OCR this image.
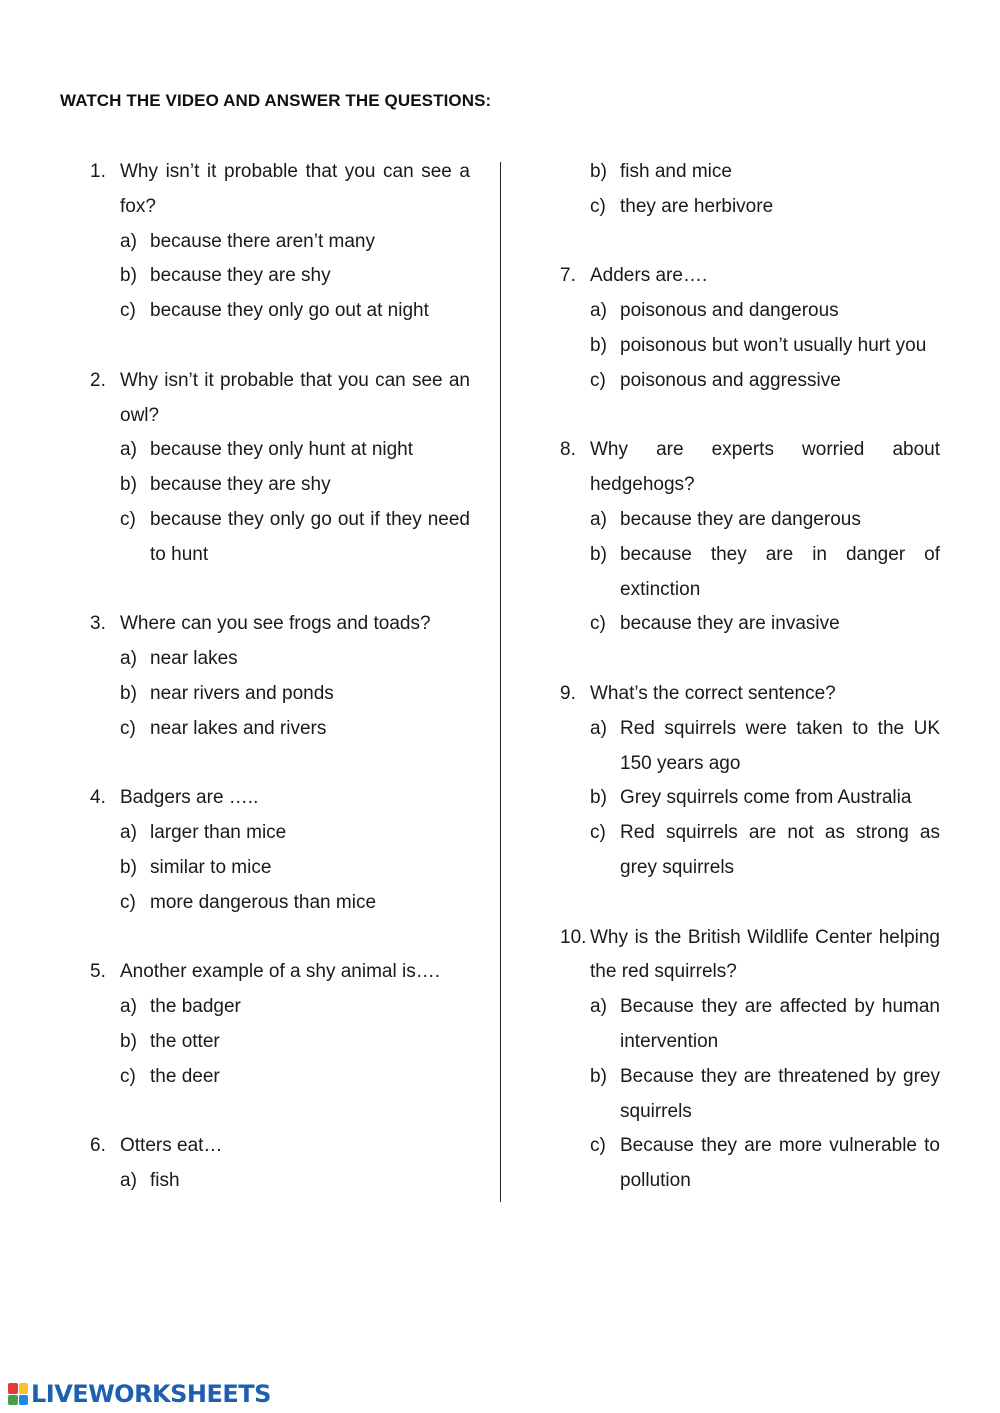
WATCH THE VIDEO AND ANSWER THE QUESTIONS:
1. Why isn’t it probable that you can see a fox?
a) because there aren’t many
b) because they are shy
c) because they only go out at night
2. Why isn’t it probable that you can see an owl?
a) because they only hunt at night
b) because they are shy
c) because they only go out if they need to hunt
3. Where can you see frogs and toads?
a) near lakes
b) near rivers and ponds
c) near lakes and rivers
4. Badgers are …..
a) larger than mice
b) similar to mice
c) more dangerous than mice
5. Another example of a shy animal is….
a) the badger
b) the otter
c) the deer
6. Otters eat…
a) fish
b) fish and mice
c) they are herbivore
7. Adders are….
a) poisonous and dangerous
b) poisonous but won’t usually hurt you
c) poisonous and aggressive
8. Why are experts worried about hedgehogs?
a) because they are dangerous
b) because they are in danger of extinction
c) because they are invasive
9. What’s the correct sentence?
a) Red squirrels were taken to the UK 150 years ago
b) Grey squirrels come from Australia
c) Red squirrels are not as strong as grey squirrels
10. Why is the British Wildlife Center helping the red squirrels?
a) Because they are affected by human intervention
b) Because they are threatened by grey squirrels
c) Because they are more vulnerable to pollution
LIVEWORKSHEETS
